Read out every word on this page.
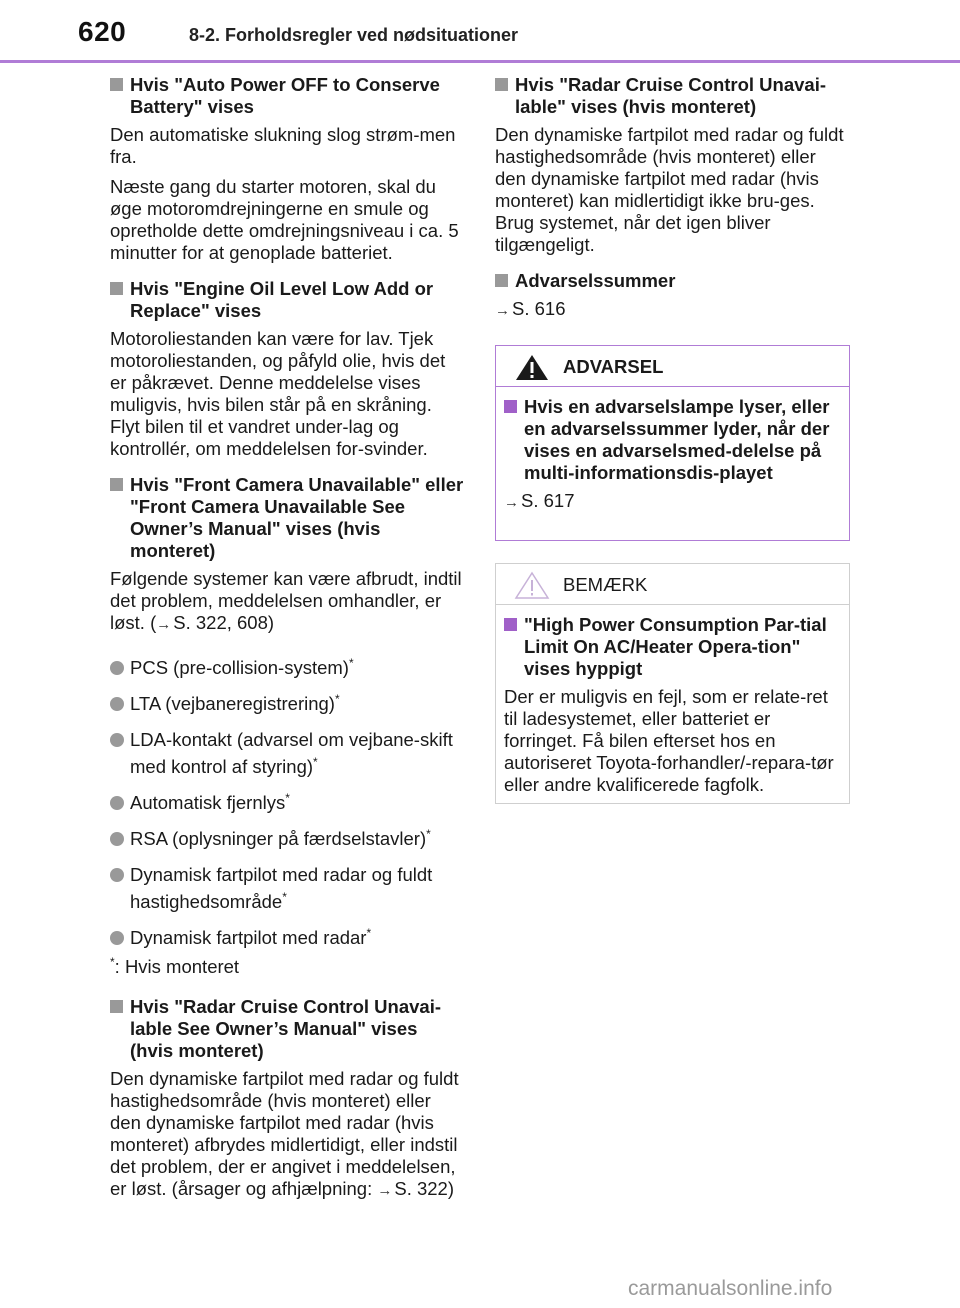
620	8-2. Forholdsregler ved nødsituationer
Hvis "Auto Power OFF to Conserve Battery" vises
Den automatiske slukning slog strøm-men fra.
Næste gang du starter motoren, skal du øge motoromdrejningerne en smule og opretholde dette omdrejningsniveau i ca. 5 minutter for at genoplade batteriet.
Hvis "Engine Oil Level Low Add or Replace" vises
Motoroliestanden kan være for lav. Tjek motoroliestanden, og påfyld olie, hvis det er påkrævet. Denne meddelelse vises muligvis, hvis bilen står på en skråning. Flyt bilen til et vandret under-lag og kontrollér, om meddelelsen for-svinder.
Hvis "Front Camera Unavailable" eller "Front Camera Unavailable See Owner’s Manual" vises (hvis monteret)
Følgende systemer kan være afbrudt, indtil det problem, meddelelsen omhandler, er løst. (→ S. 322, 608)
PCS (pre-collision-system)*
LTA (vejbaneregistrering)*
LDA-kontakt (advarsel om vejbane-skift med kontrol af styring)*
Automatisk fjernlys*
RSA (oplysninger på færdselstavler)*
Dynamisk fartpilot med radar og fuldt hastighedsområde*
Dynamisk fartpilot med radar*
*: Hvis monteret
Hvis "Radar Cruise Control Unavai-lable See Owner’s Manual" vises (hvis monteret)
Den dynamiske fartpilot med radar og fuldt hastighedsområde (hvis monteret) eller den dynamiske fartpilot med radar (hvis monteret) afbrydes midlertidigt, eller indstil det problem, der er angivet i meddelelsen, er løst. (årsager og afhjælpning: → S. 322)
Hvis "Radar Cruise Control Unavai-lable" vises (hvis monteret)
Den dynamiske fartpilot med radar og fuldt hastighedsområde (hvis monteret) eller den dynamiske fartpilot med radar (hvis monteret) kan midlertidigt ikke bru-ges. Brug systemet, når det igen bliver tilgængeligt.
Advarselssummer
→ S. 616
ADVARSEL
Hvis en advarselslampe lyser, eller en advarselssummer lyder, når der vises en advarselsmed-delelse på multi-informationsdis-playet
→ S. 617
BEMÆRK
"High Power Consumption Par-tial Limit On AC/Heater Opera-tion" vises hyppigt
Der er muligvis en fejl, som er relate-ret til ladesystemet, eller batteriet er forringet. Få bilen efterset hos en autoriseret Toyota-forhandler/-repara-tør eller andre kvalificerede fagfolk.
carmanualsonline.info
